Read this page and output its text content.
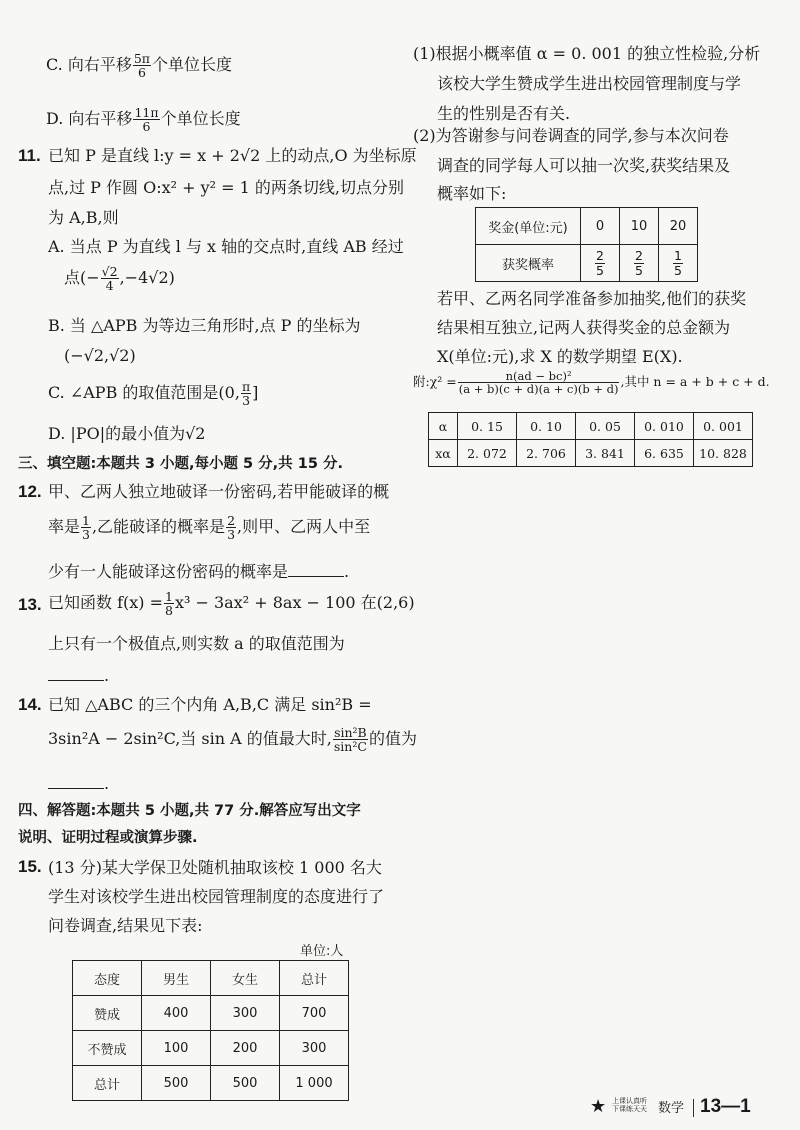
C. 向右平移 $\frac{5\pi}{6}$ 个单位长度
D. 向右平移 $\frac{11\pi}{6}$ 个单位长度
11. 已知 P 是直线 l:y = x + 2√2 上的动点,O 为坐标原
点,过 P 作圆 O:x² + y² = 1 的两条切线,切点分别
为 A,B,则
A. 当点 P 为直线 l 与 x 轴的交点时,直线 AB 经过
点(− $\frac{√2}{4} ,-4√2$)
B. 当 △APB 为等边三角形时,点 P 的坐标为
(−√2,√2)
C. ∠APB 的取值范围是(0, $\frac{\pi}{3}$ ]
D. |PO|的最小值为√2
三、填空题:本题共 3 小题,每小题 5 分,共 15 分.
12. 甲、乙两人独立地破译一份密码,若甲能破译的概
率是 $\frac{1}{3}$ ,乙能破译的概率是 $\frac{2}{3}$ ,则甲、乙两人中至
少有一人能破译这份密码的概率是	.
13. 已知函数 $f(x) = \frac{1}{8} x^3 - 3ax^2 + 8ax - 100$ 在(2,6)
上只有一个极值点,则实数 a 的取值范围为
.
14. 已知 △ABC 的三个内角 A,B,C 满足 sin²B =
3sin²A − 2sin²C,当 sin A 的值最大时, $\frac{\text{sin²B}}{\text{sin²C}}$ 的值为
.
四、解答题:本题共 5 小题,共 77 分.解答应写出文字
说明、证明过程或演算步骤.
15. (13 分)某大学保卫处随机抽取该校 1 000 名大
学生对该校学生进出校园管理制度的态度进行了
问卷调查,结果见下表:
单位:人
态度	男生	女生	总计
赞成	400	300	700
不赞成	100	200	300
总计	500	500	1 000
(1)根据小概率值 α = 0. 001 的独立性检验,分析
该校大学生赞成学生进出校园管理制度与学
生的性别是否有关.
(2)为答谢参与问卷调查的同学,参与本次问卷
调查的同学每人可以抽一次奖,获奖结果及
概率如下:
奖金(单位:元)	0	10	20
获奖概率	$\frac{2}{5}$	$\frac{2}{5}$	$\frac{1}{5}$
若甲、乙两名同学准备参加抽奖,他们的获奖
结果相互独立,记两人获得奖金的总金额为
X(单位:元),求 X 的数学期望 E(X).
附:χ² = $\frac{\text{n(ad − bc)²}}{(a + b)(c + d)(a + c)(b + d)}$ ,其中 n = a + b + c + d.
α	0. 15	0. 10	0. 05	0. 010	0. 001
xα	2. 072	2. 706	3. 841	6. 635	10. 828
★ 上课认真听 下课练天天 数学 13—1
